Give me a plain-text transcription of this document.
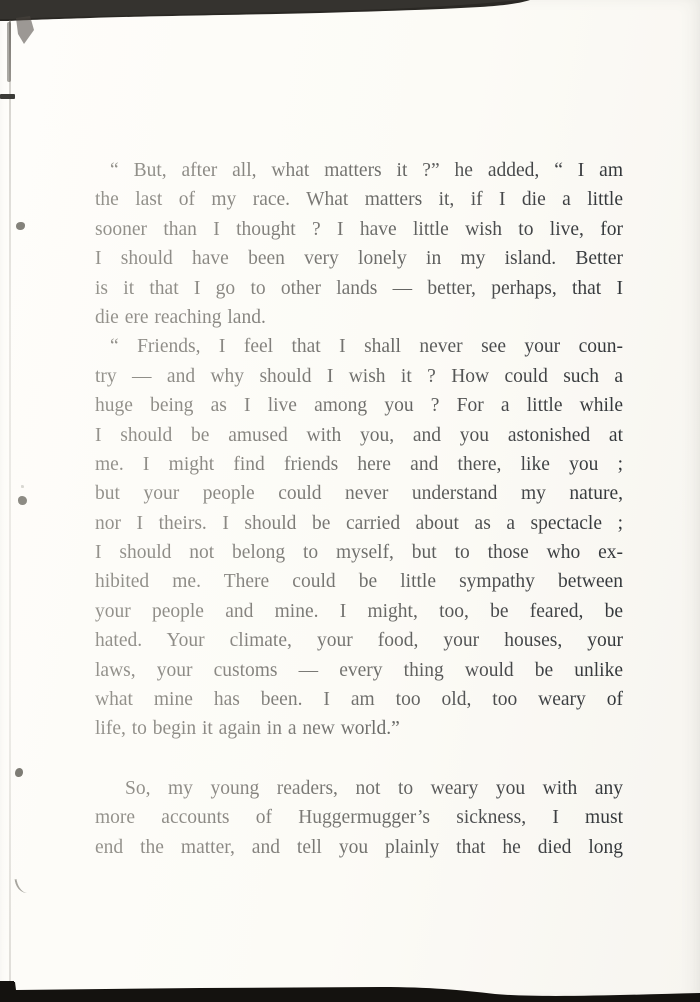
THE LAST OF THE HUGGERMUGGERS.	67
“ But, after all, what matters it ?” he added, “ I am
the last of my race. What matters it, if I die a little
sooner than I thought ? I have little wish to live, for
I should have been very lonely in my island. Better
is it that I go to other lands — better, perhaps, that I
die ere reaching land.
“ Friends, I feel that I shall never see your coun-
try — and why should I wish it ? How could such a
huge being as I live among you ? For a little while
I should be amused with you, and you astonished at
me. I might find friends here and there, like you ;
but your people could never understand my nature,
nor I theirs. I should be carried about as a spectacle ;
I should not belong to myself, but to those who ex-
hibited me. There could be little sympathy between
your people and mine. I might, too, be feared, be
hated. Your climate, your food, your houses, your
laws, your customs — every thing would be unlike
what mine has been. I am too old, too weary of
life, to begin it again in a new world.”
So, my young readers, not to weary you with any
more accounts of Huggermugger’s sickness, I must
end the matter, and tell you plainly that he died long
